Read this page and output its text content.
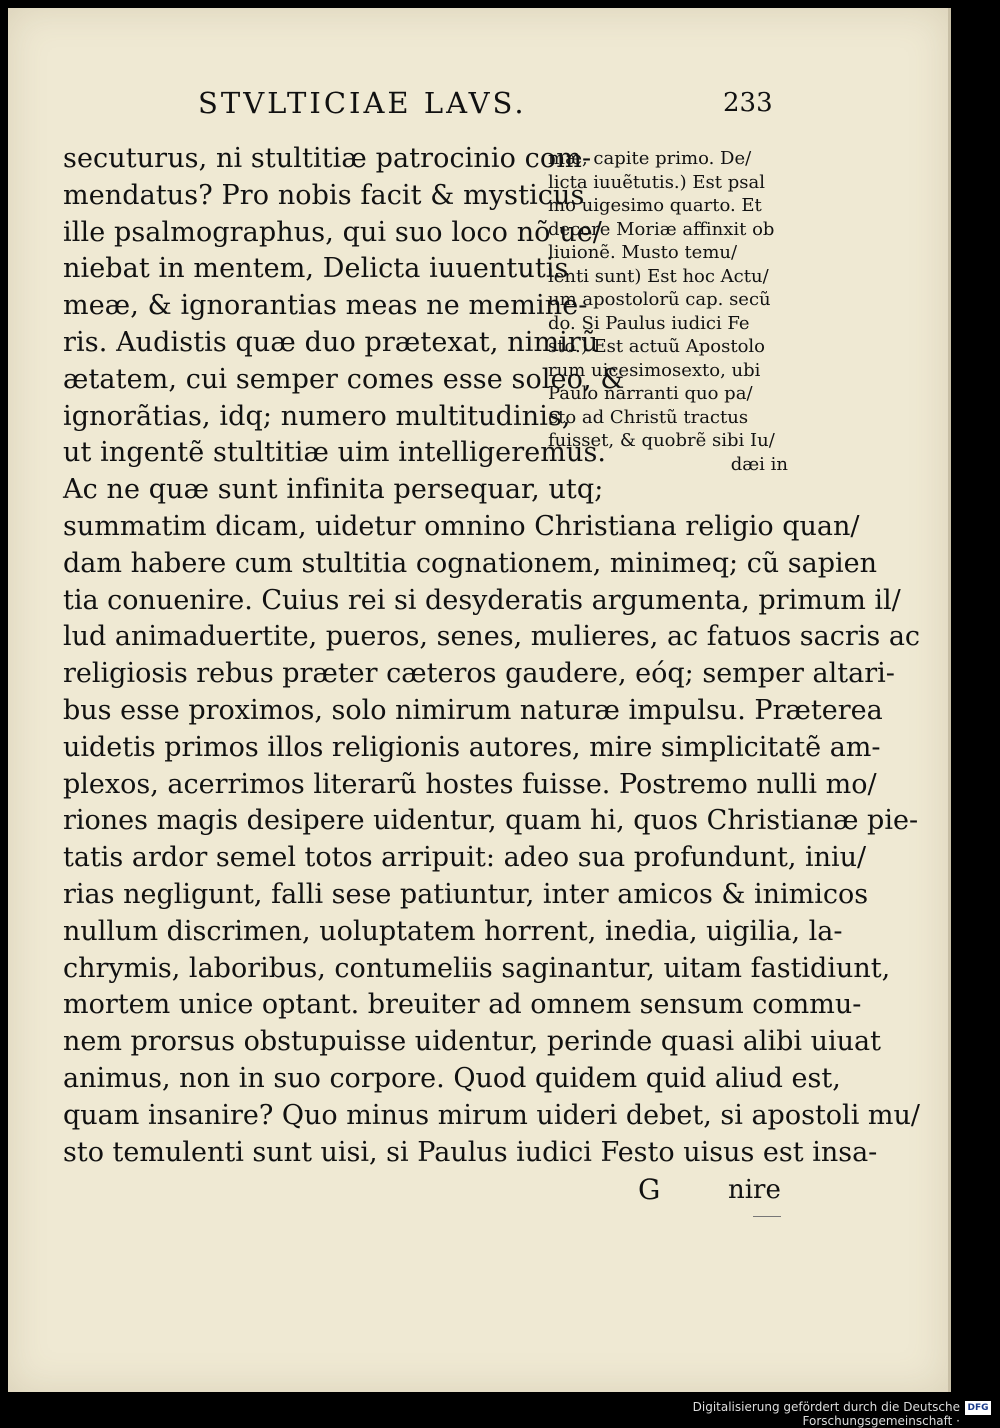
STVLTICIAE LAVS.	233
secuturus, ni stultitiæ patrocinio com-
mendatus? Pro nobis facit & mysticus
ille psalmographus, qui suo loco nõ ue/
niebat in mentem, Delicta iuuentutis
meæ, & ignorantias meas ne memine-
ris. Audistis quæ duo prætexat, nimirũ
ætatem, cui semper comes esse soleo, &
ignorãtias, idq; numero multitudinis,
ut ingentẽ stultitiæ uim intelligeremus.
Ac ne quæ sunt infinita persequar, utq;
mæ, capite primo. De/
licta iuuẽtutis.) Est psal
mo uigesimo quarto. Et
decore Moriæ affinxit ob
liuionẽ. Musto temu/
lenti sunt) Est hoc Actu/
um apostolorũ cap. secũ
do. Si Paulus iudici Fe
sto.) Est actuũ Apostolo
rum uicesimosexto, ubi
Paulo narranti quo pa/
cto ad Christũ tractus
fuisset, & quobrẽ sibi Iu/
dæi in
summatim dicam, uidetur omnino Christiana religio quan/
dam habere cum stultitia cognationem, minimeq; cũ sapien
tia conuenire. Cuius rei si desyderatis argumenta, primum il/
lud animaduertite, pueros, senes, mulieres, ac fatuos sacris ac
religiosis rebus præter cæteros gaudere, eóq; semper altari-
bus esse proximos, solo nimirum naturæ impulsu. Præterea
uidetis primos illos religionis autores, mire simplicitatẽ am-
plexos, acerrimos literarũ hostes fuisse. Postremo nulli mo/
riones magis desipere uidentur, quam hi, quos Christianæ pie-
tatis ardor semel totos arripuit: adeo sua profundunt, iniu/
rias negligunt, falli sese patiuntur, inter amicos & inimicos
nullum discrimen, uoluptatem horrent, inedia, uigilia, la-
chrymis, laboribus, contumeliis saginantur, uitam fastidiunt,
mortem unice optant. breuiter ad omnem sensum commu-
nem prorsus obstupuisse uidentur, perinde quasi alibi uiuat
animus, non in suo corpore. Quod quidem quid aliud est,
quam insanire? Quo minus mirum uideri debet, si apostoli mu/
sto temulenti sunt uisi, si Paulus iudici Festo uisus est insa-
G	nire
Digitalisierung gefördert durch die Deutsche Forschungsgemeinschaft ·
DFG
